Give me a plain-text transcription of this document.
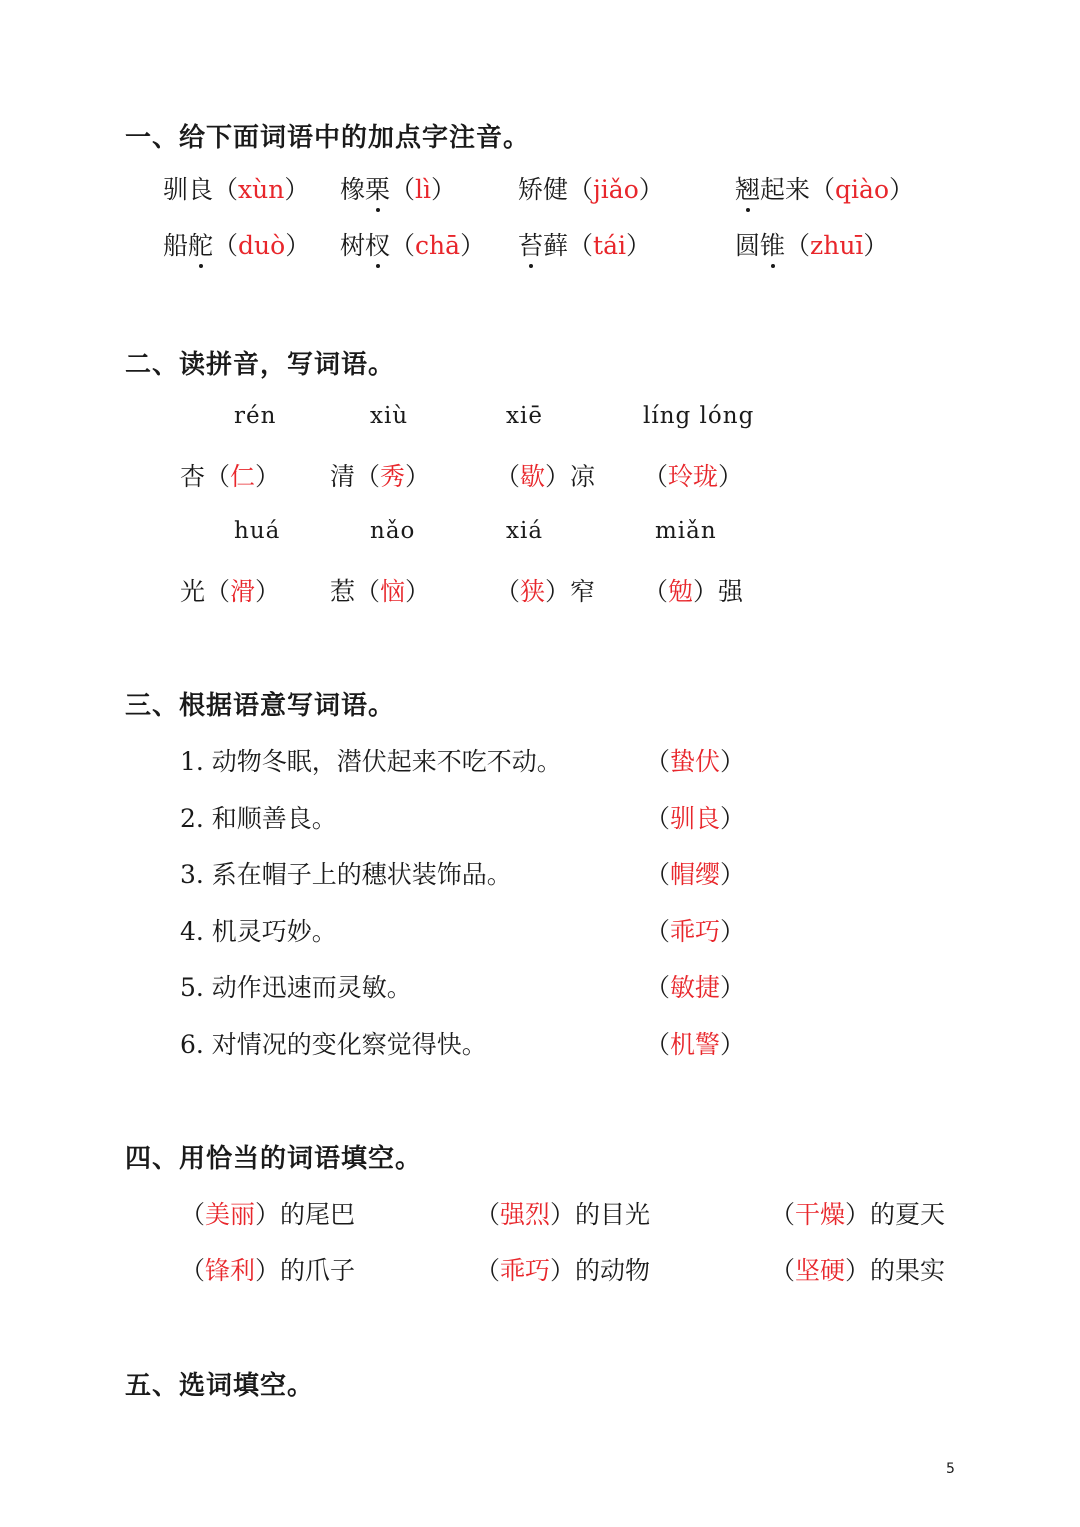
一、给下面词语中的加点字注音。
驯良（xùn） 橡栗（lì） 矫健（jiǎo）	翘起来（qiào）
船舵（duò） 树杈（chā） 苔藓（tái）	圆锥（zhuī）
二、读拼音，写词语。
rén	xiù	xiē	líng lóng
杏（仁） 清（秀）	（歇）凉 （玲珑）
huá	nǎo	xiá	miǎn
光（滑） 惹（恼）	（狭）窄 （勉）强
三、根据语意写词语。
1. 动物冬眠，潜伏起来不吃不动。	（蛰伏）
2. 和顺善良。	（驯良）
3. 系在帽子上的穗状装饰品。	（帽缨）
4. 机灵巧妙。	（乖巧）
5. 动作迅速而灵敏。	（敏捷）
6. 对情况的变化察觉得快。	（机警）
四、用恰当的词语填空。
（美丽）的尾巴	（强烈）的目光	（干燥）的夏天
（锋利）的爪子	（乖巧）的动物	（坚硬）的果实
五、选词填空。
5
